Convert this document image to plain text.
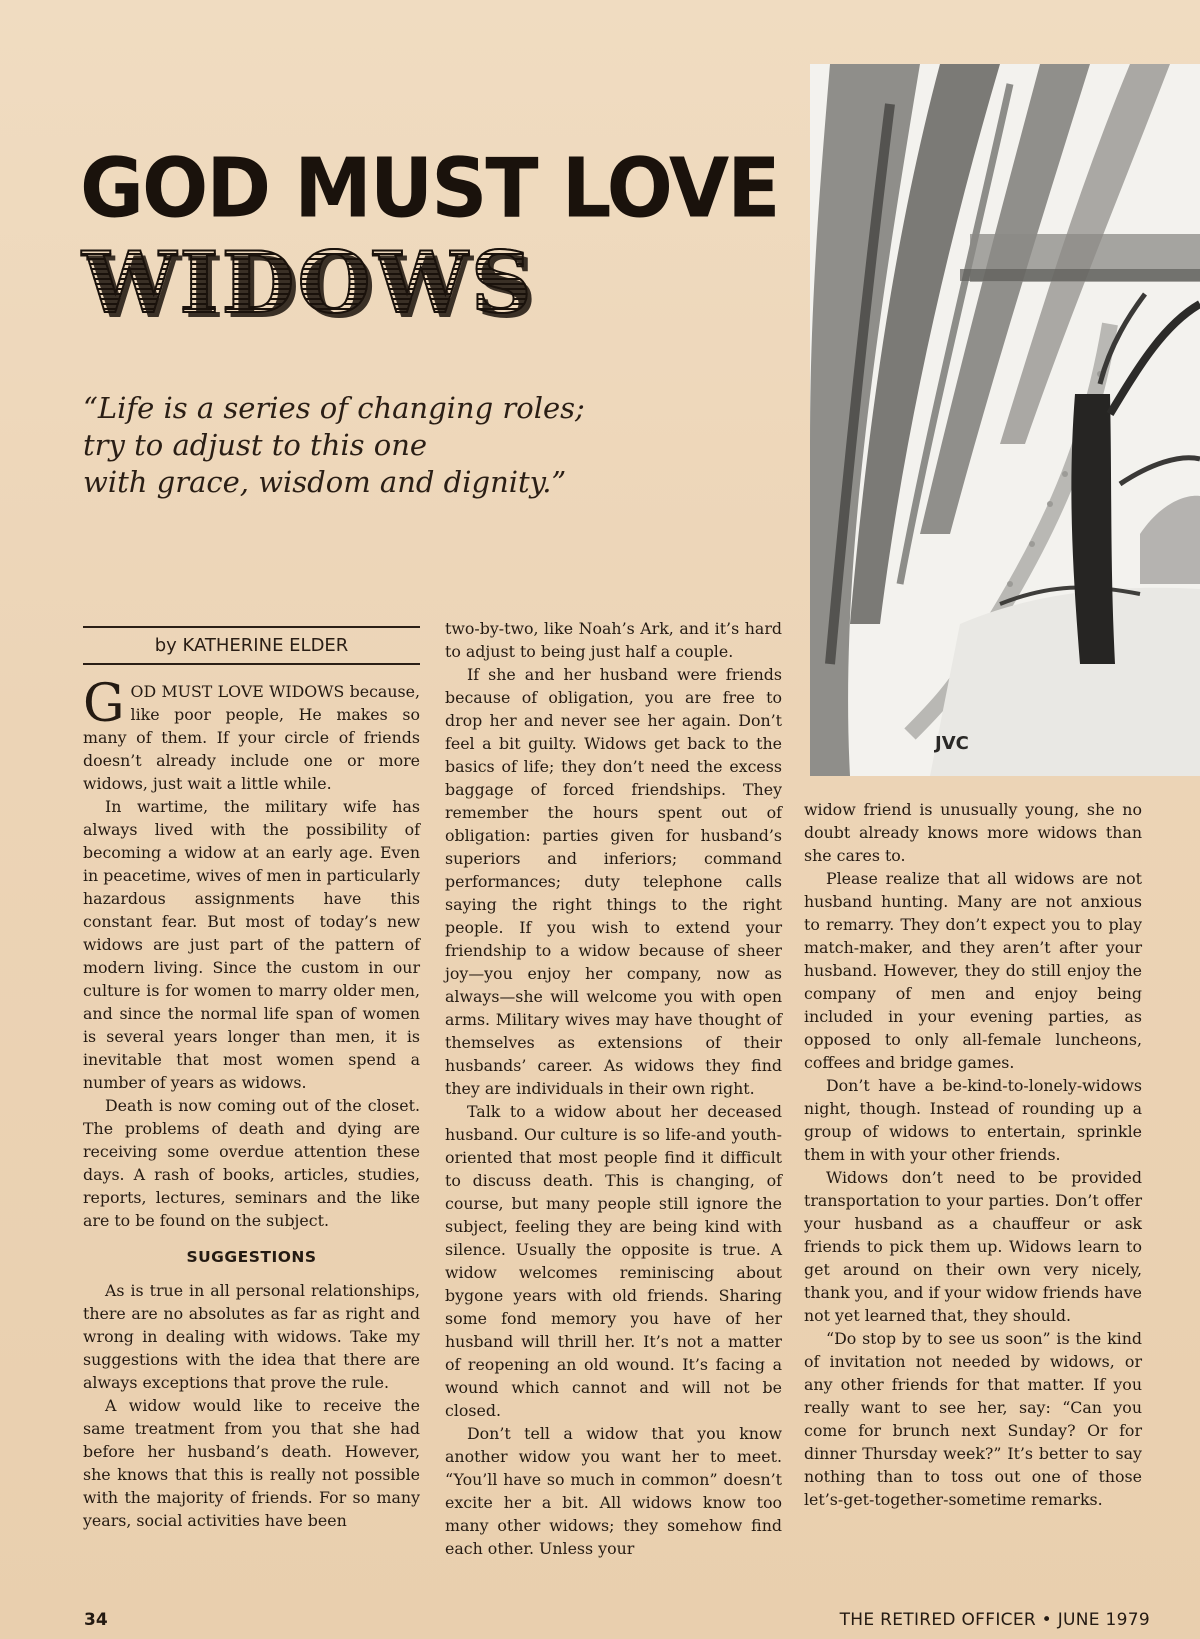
GOD MUST LOVE
WIDOWS
“Life is a series of changing roles;
try to adjust to this one
with grace, wisdom and dignity.”
JVC
by KATHERINE ELDER

GOD MUST LOVE WIDOWS because, like poor people, He makes so many of them. If your circle of friends doesn’t already include one or more widows, just wait a little while.

In wartime, the military wife has always lived with the possibility of becoming a widow at an early age. Even in peacetime, wives of men in particularly hazardous assignments have this constant fear. But most of today’s new widows are just part of the pattern of modern living. Since the custom in our culture is for women to marry older men, and since the normal life span of women is several years longer than men, it is inevitable that most women spend a number of years as widows.

Death is now coming out of the closet. The problems of death and dying are receiving some overdue attention these days. A rash of books, articles, studies, reports, lectures, seminars and the like are to be found on the subject.

SUGGESTIONS

As is true in all personal relationships, there are no absolutes as far as right and wrong in dealing with widows. Take my suggestions with the idea that there are always exceptions that prove the rule.

A widow would like to receive the same treatment from you that she had before her husband’s death. However, she knows that this is really not possible with the majority of friends. For so many years, social activities have been

two-by-two, like Noah’s Ark, and it’s hard to adjust to being just half a couple.

If she and her husband were friends because of obligation, you are free to drop her and never see her again. Don’t feel a bit guilty. Widows get back to the basics of life; they don’t need the excess baggage of forced friendships. They remember the hours spent out of obligation: parties given for husband’s superiors and inferiors; command performances; duty telephone calls saying the right things to the right people. If you wish to extend your friendship to a widow because of sheer joy—you enjoy her company, now as always—she will welcome you with open arms. Military wives may have thought of themselves as extensions of their husbands’ career. As widows they find they are individuals in their own right.

Talk to a widow about her deceased husband. Our culture is so life-and youth-oriented that most people find it difficult to discuss death. This is changing, of course, but many people still ignore the subject, feeling they are being kind with silence. Usually the opposite is true. A widow welcomes reminiscing about bygone years with old friends. Sharing some fond memory you have of her husband will thrill her. It’s not a matter of reopening an old wound. It’s facing a wound which cannot and will not be closed.

Don’t tell a widow that you know another widow you want her to meet. “You’ll have so much in common” doesn’t excite her a bit. All widows know too many other widows; they somehow find each other. Unless your

widow friend is unusually young, she no doubt already knows more widows than she cares to.

Please realize that all widows are not husband hunting. Many are not anxious to remarry. They don’t expect you to play match-maker, and they aren’t after your husband. However, they do still enjoy the company of men and enjoy being included in your evening parties, as opposed to only all-female luncheons, coffees and bridge games.

Don’t have a be-kind-to-lonely-widows night, though. Instead of rounding up a group of widows to entertain, sprinkle them in with your other friends.

Widows don’t need to be provided transportation to your parties. Don’t offer your husband as a chauffeur or ask friends to pick them up. Widows learn to get around on their own very nicely, thank you, and if your widow friends have not yet learned that, they should.

“Do stop by to see us soon” is the kind of invitation not needed by widows, or any other friends for that matter. If you really want to see her, say: “Can you come for brunch next Sunday? Or for dinner Thursday week?” It’s better to say nothing than to toss out one of those let’s-get-together-sometime remarks.

34	THE RETIRED OFFICER • JUNE 1979
